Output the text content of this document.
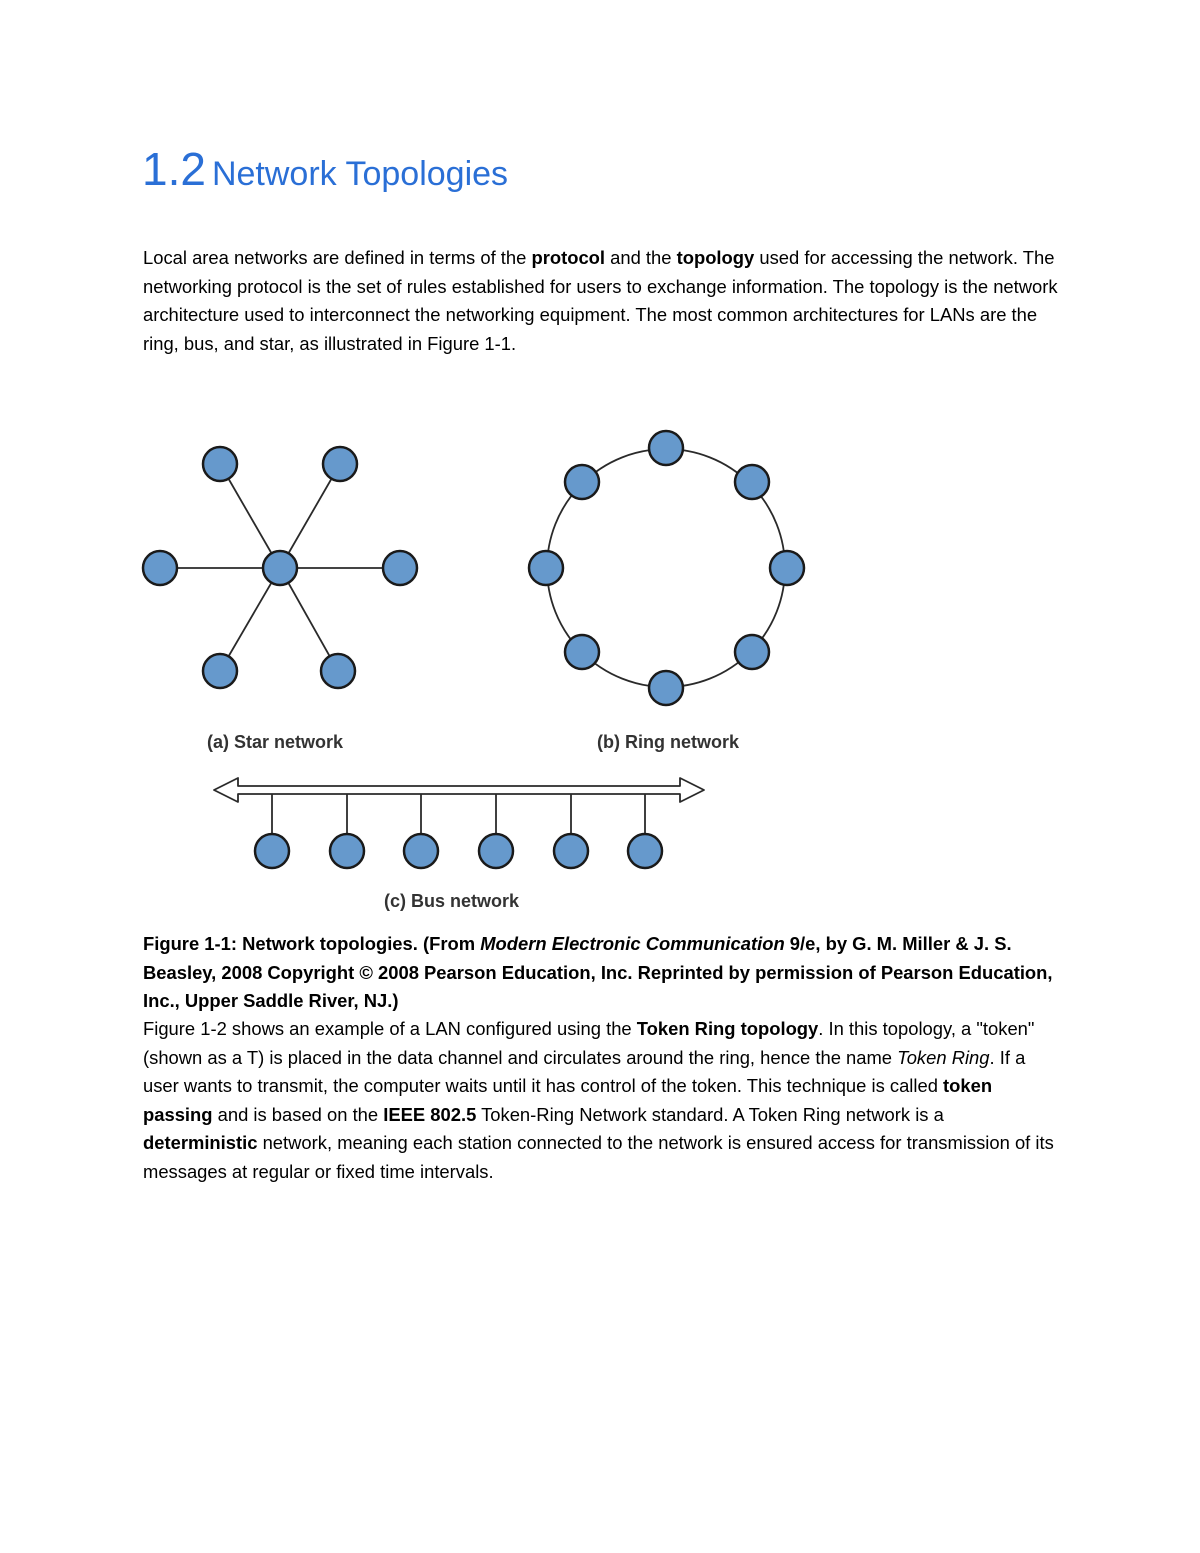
1.2 Network Topologies

Local area networks are defined in terms of the protocol and the topology used for accessing the network. The networking protocol is the set of rules established for users to exchange information. The topology is the network architecture used to interconnect the networking equipment. The most common architectures for LANs are the ring, bus, and star, as illustrated in Figure 1-1.

(a) Star network	(b) Ring network
(c) Bus network

Figure 1-1: Network topologies. (From Modern Electronic Communication 9/e, by G. M. Miller & J. S. Beasley, 2008 Copyright © 2008 Pearson Education, Inc. Reprinted by permission of Pearson Education, Inc., Upper Saddle River, NJ.)

Figure 1-2 shows an example of a LAN configured using the Token Ring topology. In this topology, a "token" (shown as a T) is placed in the data channel and circulates around the ring, hence the name Token Ring. If a user wants to transmit, the computer waits until it has control of the token. This technique is called token passing and is based on the IEEE 802.5 Token-Ring Network standard. A Token Ring network is a deterministic network, meaning each station connected to the network is ensured access for transmission of its messages at regular or fixed time intervals.
